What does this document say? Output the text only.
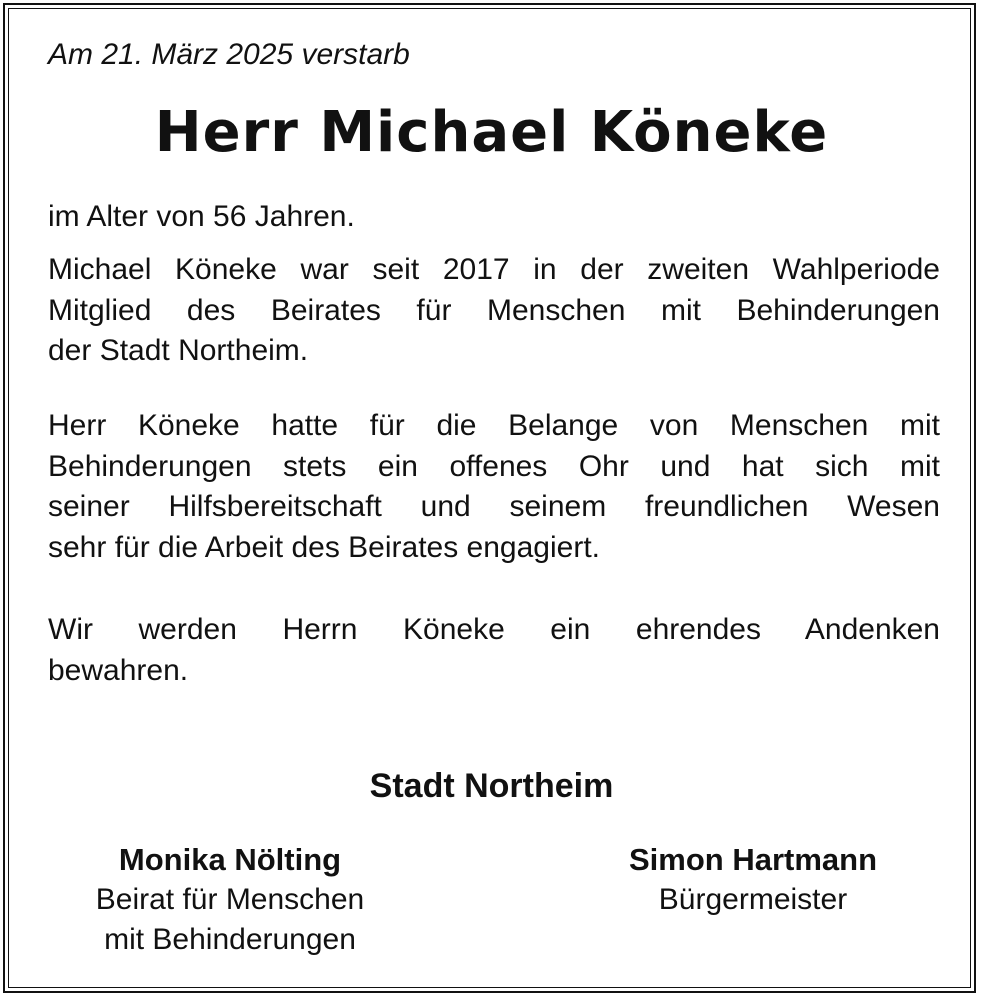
Am 21. März 2025 verstarb
Herr Michael Köneke
im Alter von 56 Jahren.
Michael Köneke war seit 2017 in der zweiten Wahlperiode
Mitglied des Beirates für Menschen mit Behinderungen
der Stadt Northeim.
Herr Köneke hatte für die Belange von Menschen mit
Behinderungen stets ein offenes Ohr und hat sich mit
seiner Hilfsbereitschaft und seinem freundlichen Wesen
sehr für die Arbeit des Beirates engagiert.
Wir werden Herrn Köneke ein ehrendes Andenken
bewahren.
Stadt Northeim
Monika Nölting
Beirat für Menschen
mit Behinderungen
Simon Hartmann
Bürgermeister
